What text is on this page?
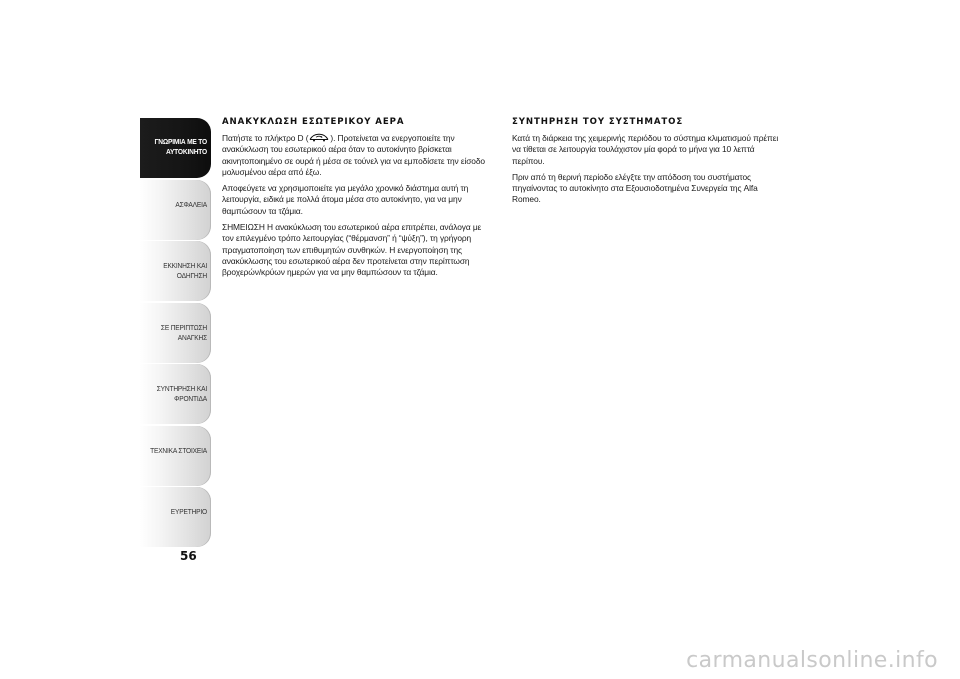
ΓΝΩΡΙΜΙΑ ΜΕ ΤΟ
ΑΥΤΟΚΙΝΗΤΟ
ΑΣΦΑΛΕΙΑ
ΕΚΚΙΝΗΣΗ ΚΑΙ
ΟΔΗΓΗΣΗ
ΣΕ ΠΕΡΙΠΤΩΣΗ
ΑΝΑΓΚΗΣ
ΣΥΝΤΗΡΗΣΗ ΚΑΙ
ΦΡΟΝΤΙΔΑ
ΤΕΧΝΙΚΑ ΣΤΟΙΧΕΙΑ
ΕΥΡΕΤΗΡΙΟ
56
ΑΝΑΚΥΚΛΩΣΗ ΕΣΩΤΕΡΙΚΟΥ ΑΕΡΑ

Πατήστε το πλήκτρο D (	). Προτείνεται να ενεργοποιείτε την ανακύκλωση του εσωτερικού αέρα όταν το αυτοκίνητο βρίσκεται ακινητοποιημένο σε ουρά ή μέσα σε τούνελ για να εμποδίσετε την είσοδο μολυσμένου αέρα από έξω.

Αποφεύγετε να χρησιμοποιείτε για μεγάλο χρονικό διάστημα αυτή τη λειτουργία, ειδικά με πολλά άτομα μέσα στο αυτοκίνητο, για να μην θαμπώσουν τα τζάμια.

ΣΗΜΕΙΩΣΗ Η ανακύκλωση του εσωτερικού αέρα επιτρέπει, ανάλογα με τον επιλεγμένο τρόπο λειτουργίας (“θέρμανση” ή “ψύξη”), τη γρήγορη πραγματοποίηση των επιθυμητών συνθηκών. Η ενεργοποίηση της ανακύκλωσης του εσωτερικού αέρα δεν προτείνεται στην περίπτωση βροχερών/κρύων ημερών για να μην θαμπώσουν τα τζάμια.

ΣΥΝΤΗΡΗΣΗ ΤΟΥ ΣΥΣΤΗΜΑΤΟΣ

Κατά τη διάρκεια της χειμερινής περιόδου το σύστημα κλιματισμού πρέπει να τίθεται σε λειτουργία τουλάχιστον μία φορά το μήνα για 10 λεπτά περίπου.

Πριν από τη θερινή περίοδο ελέγξτε την απόδοση του συστήματος πηγαίνοντας το αυτοκίνητο στα Εξουσιοδοτημένα Συνεργεία της Alfa Romeo.

carmanualsonline.info
